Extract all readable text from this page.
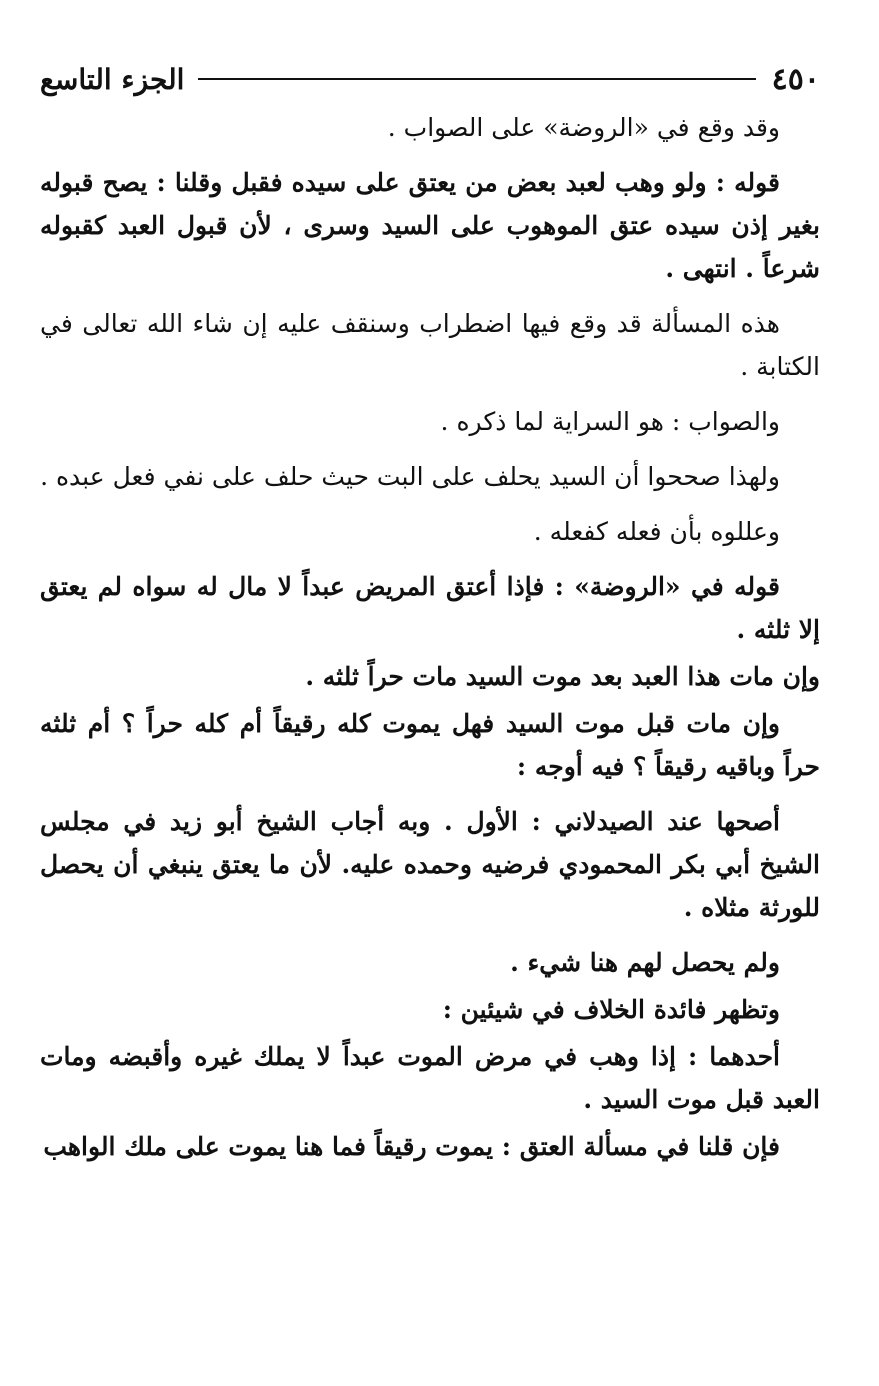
٤٥٠
الجزء التاسع

وقد وقع في «الروضة» على الصواب .

قوله : ولو وهب لعبد بعض من يعتق على سيده فقبل وقلنا : يصح قبوله بغير إذن سيده عتق الموهوب على السيد وسرى ، لأن قبول العبد كقبوله شرعاً . انتهى .

هذه المسألة قد وقع فيها اضطراب وسنقف عليه إن شاء الله تعالى في الكتابة .

والصواب : هو السراية لما ذكره .

ولهذا صححوا أن السيد يحلف على البت حيث حلف على نفي فعل عبده .

وعللوه بأن فعله كفعله .

قوله في «الروضة» : فإذا أعتق المريض عبداً لا مال له سواه لم يعتق إلا ثلثه .

وإن مات هذا العبد بعد موت السيد مات حراً ثلثه .

وإن مات قبل موت السيد فهل يموت كله رقيقاً أم كله حراً ؟ أم ثلثه حراً وباقيه رقيقاً ؟ فيه أوجه :

أصحها عند الصيدلاني : الأول . وبه أجاب الشيخ أبو زيد في مجلس الشيخ أبي بكر المحمودي فرضيه وحمده عليه. لأن ما يعتق ينبغي أن يحصل للورثة مثلاه .

ولم يحصل لهم هنا شيء .

وتظهر فائدة الخلاف في شيئين :

أحدهما : إذا وهب في مرض الموت عبداً لا يملك غيره وأقبضه ومات العبد قبل موت السيد .

فإن قلنا في مسألة العتق : يموت رقيقاً فما هنا يموت على ملك الواهب
